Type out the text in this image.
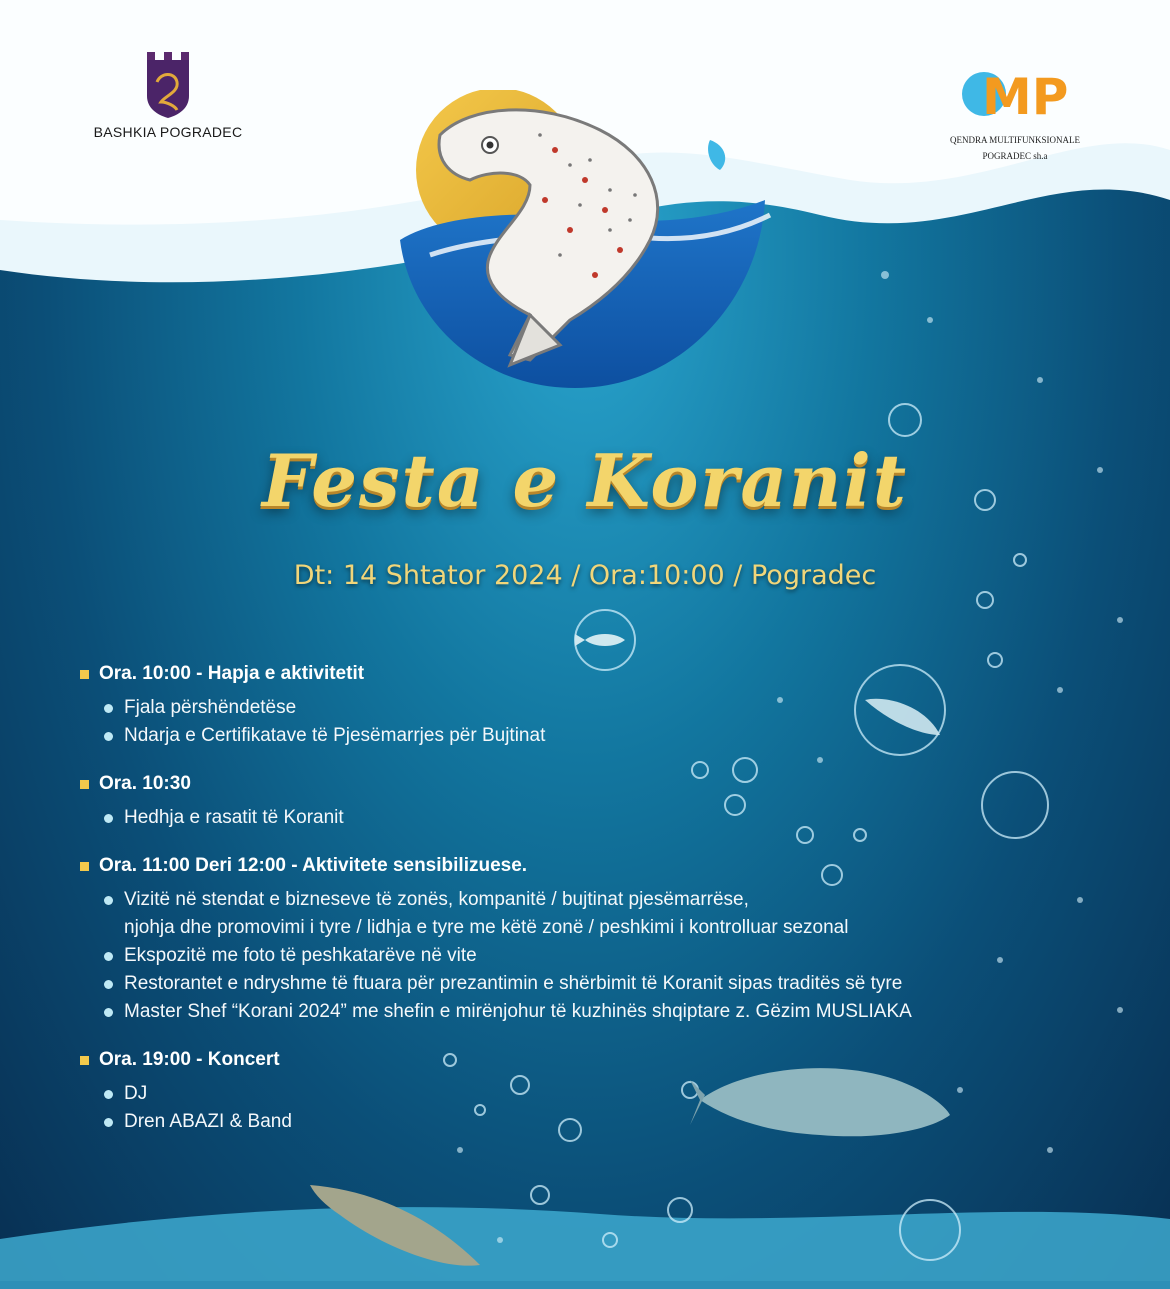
BASHKIA POGRADEC
MP
QENDRA MULTIFUNKSIONALE
POGRADEC sh.a
Festa e Koranit
Dt: 14 Shtator 2024 / Ora:10:00 / Pogradec
Ora. 10:00 - Hapja e aktivitetit
Fjala përshëndetëse
Ndarja e Certifikatave të Pjesëmarrjes për Bujtinat
Ora. 10:30
Hedhja e rasatit të Koranit
Ora. 11:00 Deri 12:00 - Aktivitete sensibilizuese.
Vizitë në stendat e bizneseve të zonës, kompanitë / bujtinat pjesëmarrëse,
njohja dhe promovimi i tyre / lidhja e tyre me këtë zonë / peshkimi i kontrolluar sezonal
Ekspozitë me foto të peshkatarëve në vite
Restorantet e ndryshme të ftuara për prezantimin e shërbimit të Koranit sipas traditës së tyre
Master Shef “Korani 2024” me shefin e mirënjohur të kuzhinës shqiptare z. Gëzim MUSLIAKA
Ora. 19:00 - Koncert
DJ
Dren ABAZI & Band
